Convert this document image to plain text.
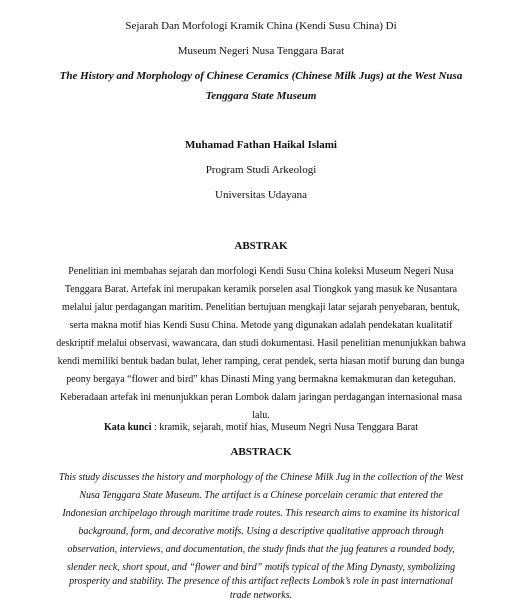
Sejarah Dan Morfologi Kramik China (Kendi Susu China) Di
Museum Negeri Nusa Tenggara Barat
The History and Morphology of Chinese Ceramics (Chinese Milk Jugs) at the West Nusa
Tenggara State Museum
Muhamad Fathan Haikal Islami
Program Studi Arkeologi
Universitas Udayana
ABSTRAK
Penelitian ini membahas sejarah dan morfologi Kendi Susu China koleksi Museum Negeri Nusa
Tenggara Barat. Artefak ini merupakan keramik porselen asal Tiongkok yang masuk ke Nusantara
melalui jalur perdagangan maritim. Penelitian bertujuan mengkaji latar sejarah penyebaran, bentuk,
serta makna motif hias Kendi Susu China. Metode yang digunakan adalah pendekatan kualitatif
deskriptif melalui observasi, wawancara, dan studi dokumentasi. Hasil penelitian menunjukkan bahwa
kendi memiliki bentuk badan bulat, leher ramping, cerat pendek, serta hiasan motif burung dan bunga
peony bergaya “flower and bird” khas Dinasti Ming yang bermakna kemakmuran dan keteguhan.
Keberadaan artefak ini menunjukkan peran Lombok dalam jaringan perdagangan internasional masa
lalu.
Kata kunci : kramik, sejarah, motif hias, Museum Negri Nusa Tenggara Barat
ABSTRACK
This study discusses the history and morphology of the Chinese Milk Jug in the collection of the West
Nusa Tenggara State Museum. The artifact is a Chinese porcelain ceramic that entered the
Indonesian archipelago through maritime trade routes. This research aims to examine its historical
background, form, and decorative motifs. Using a descriptive qualitative approach through
observation, interviews, and documentation, the study finds that the jug features a rounded body,
slender neck, short spout, and “flower and bird” motifs typical of the Ming Dynasty, symbolizing
prosperity and stability. The presence of this artifact reflects Lombok’s role in past international
trade networks.
